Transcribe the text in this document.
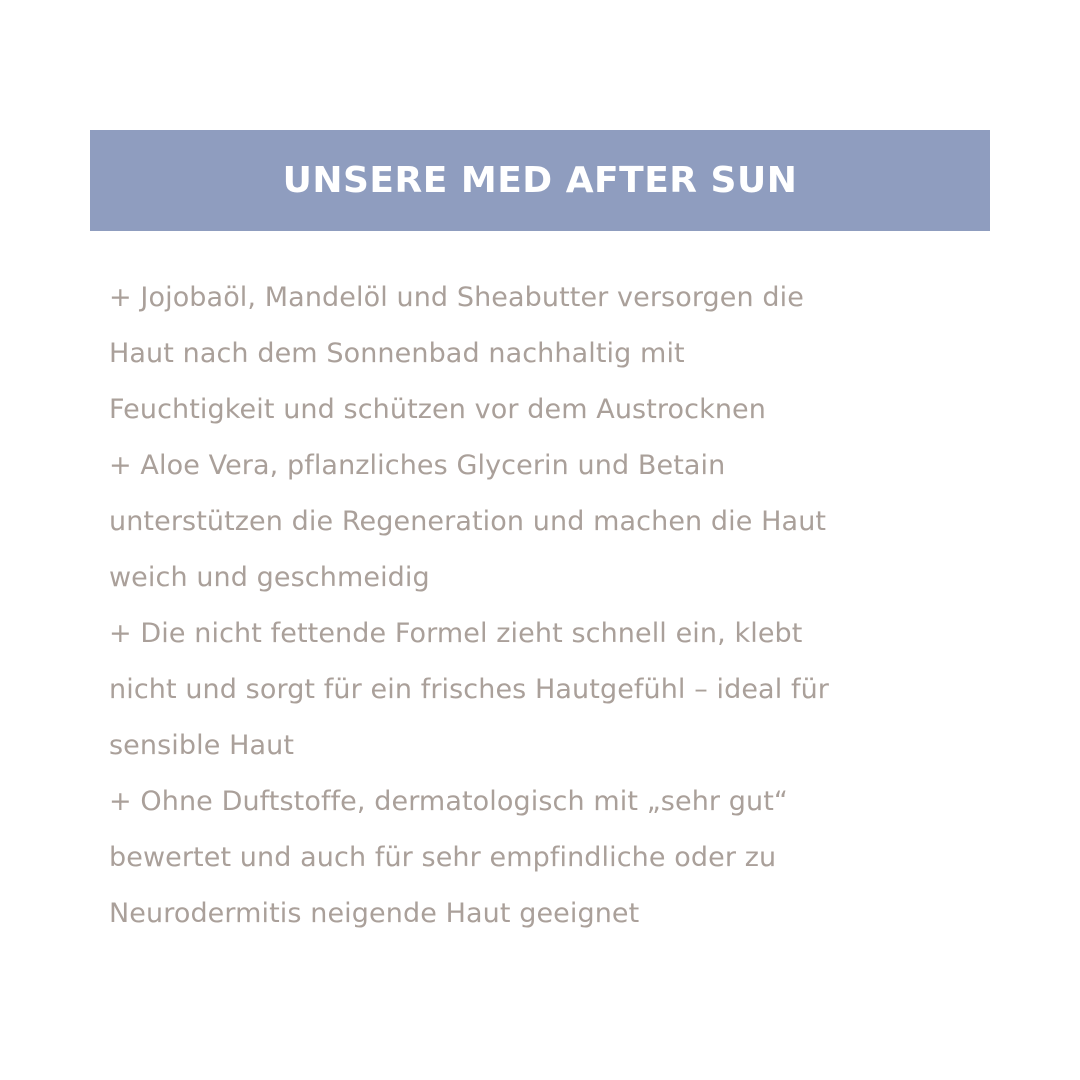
UNSERE MED AFTER SUN
+ Jojobaöl, Mandelöl und Sheabutter versorgen die
Haut nach dem Sonnenbad nachhaltig mit
Feuchtigkeit und schützen vor dem Austrocknen
+ Aloe Vera, pflanzliches Glycerin und Betain
unterstützen die Regeneration und machen die Haut
weich und geschmeidig
+ Die nicht fettende Formel zieht schnell ein, klebt
nicht und sorgt für ein frisches Hautgefühl – ideal für
sensible Haut
+ Ohne Duftstoffe, dermatologisch mit „sehr gut“
bewertet und auch für sehr empfindliche oder zu
Neurodermitis neigende Haut geeignet
